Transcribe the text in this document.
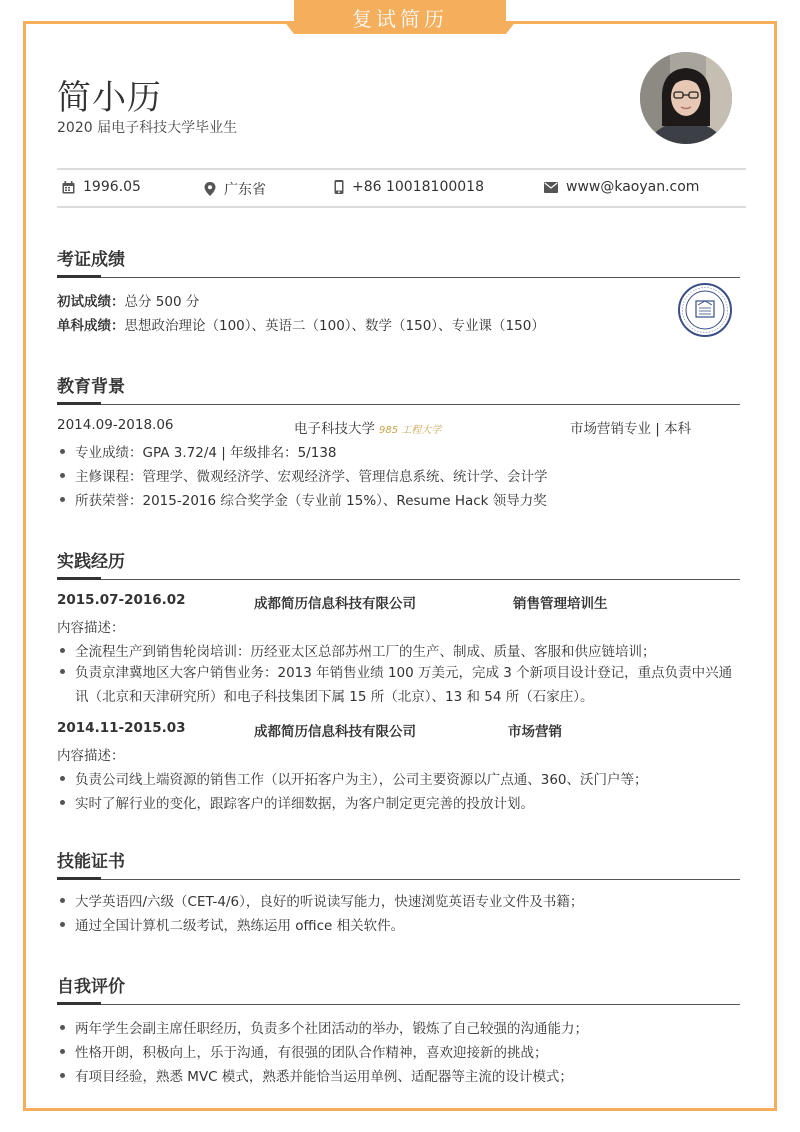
复试简历
简小历
2020 届电子科技大学毕业生
1996.05	广东省	+86 10018100018	www@kaoyan.com
考证成绩
初试成绩：总分 500 分
单科成绩：思想政治理论（100）、英语二（100）、数学（150）、专业课（150）
教育背景
2014.09-2018.06	电子科技大学 985 工程大学	市场营销专业 | 本科
专业成绩：GPA 3.72/4 | 年级排名：5/138
主修课程：管理学、微观经济学、宏观经济学、管理信息系统、统计学、会计学
所获荣誉：2015-2016 综合奖学金（专业前 15%）、Resume Hack 领导力奖
实践经历
2015.07-2016.02	成都简历信息科技有限公司	销售管理培训生
内容描述：
全流程生产到销售轮岗培训：历经亚太区总部苏州工厂的生产、制成、质量、客服和供应链培训；
负责京津冀地区大客户销售业务：2013 年销售业绩 100 万美元，完成 3 个新项目设计登记，重点负责中兴通讯（北京和天津研究所）和电子科技集团下属 15 所（北京）、13 和 54 所（石家庄）。
2014.11-2015.03	成都简历信息科技有限公司	市场营销
内容描述：
负责公司线上端资源的销售工作（以开拓客户为主），公司主要资源以广点通、360、沃门户等；
实时了解行业的变化，跟踪客户的详细数据，为客户制定更完善的投放计划。
技能证书
大学英语四/六级（CET-4/6），良好的听说读写能力，快速浏览英语专业文件及书籍；
通过全国计算机二级考试，熟练运用 office 相关软件。
自我评价
两年学生会副主席任职经历，负责多个社团活动的举办，锻炼了自己较强的沟通能力；
性格开朗，积极向上，乐于沟通，有很强的团队合作精神，喜欢迎接新的挑战；
有项目经验，熟悉 MVC 模式，熟悉并能恰当运用单例、适配器等主流的设计模式；
